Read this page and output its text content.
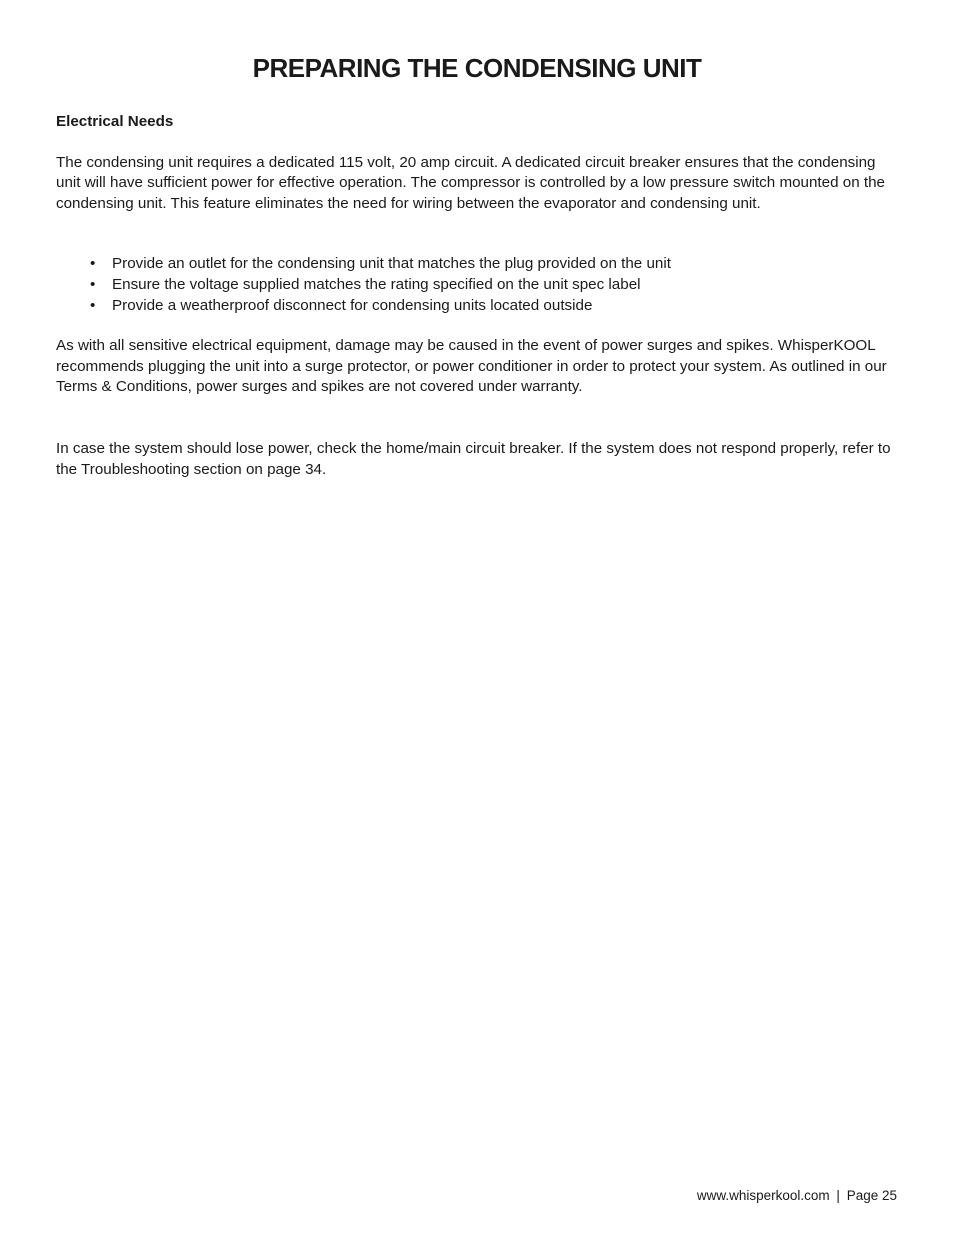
PREPARING THE CONDENSING UNIT

Electrical Needs

The condensing unit requires a dedicated 115 volt, 20 amp circuit. A dedicated circuit breaker ensures that the condensing unit will have sufficient power for effective operation. The compressor is controlled by a low pressure switch mounted on the condensing unit. This feature eliminates the need for wiring between the evaporator and condensing unit.

• Provide an outlet for the condensing unit that matches the plug provided on the unit
• Ensure the voltage supplied matches the rating specified on the unit spec label
• Provide a weatherproof disconnect for condensing units located outside

As with all sensitive electrical equipment, damage may be caused in the event of power surges and spikes. WhisperKOOL recommends plugging the unit into a surge protector, or power conditioner in order to protect your system. As outlined in our Terms & Conditions, power surges and spikes are not covered under warranty.

In case the system should lose power, check the home/main circuit breaker. If the system does not respond properly, refer to the Troubleshooting section on page 34.

www.whisperkool.com | Page 25
